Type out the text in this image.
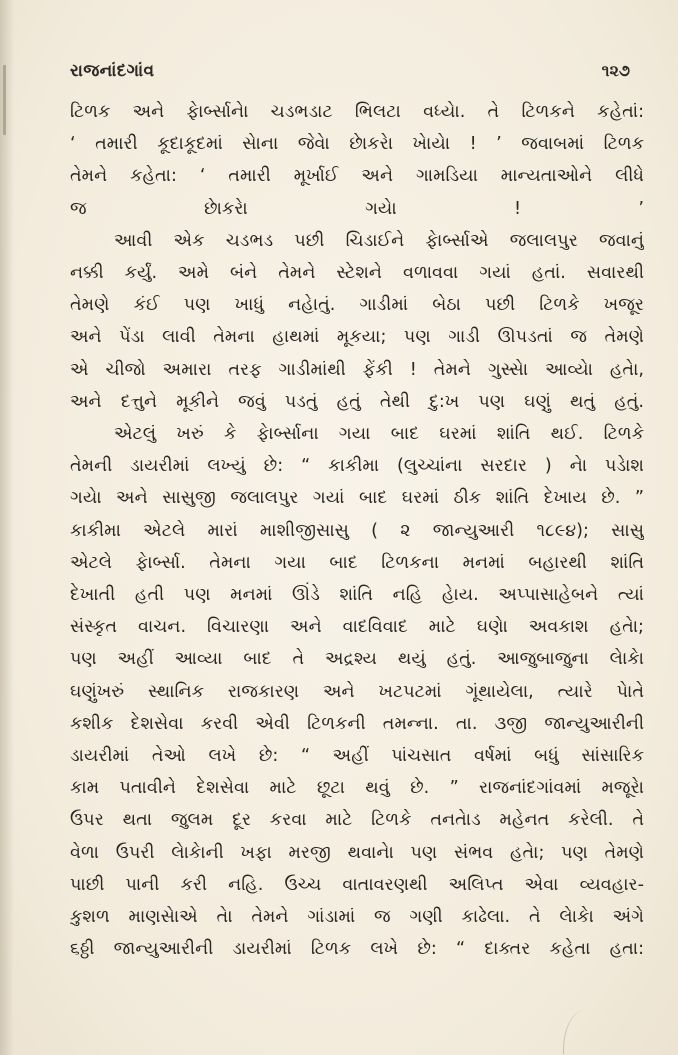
રાજનાંદગાંવ	૧૨૭

ટિળક અને ફેાર્બ્સાનેા ચડભડાટ ભિલટા વધ્યેા. તે ટિળકને કહેતાં:
‘ તમારી કૂદાકૂદમાં સાેના જેવાે છેાકરાે ખાેયાે ! ’ જવાબમાં ટિળક
તેમને કહેતા: ‘ તમારી મૂર્ખાઈ અને ગામડિયા માન્યતાઓને લીધે
જ છાેકરાે ગયાે ! ’

આવી એક ચડભડ પછી ચિડાઈને ફેાર્બ્સાએ જલાલપુર જવાનું
નક્કી કર્યું. અમે બંને તેમને સ્ટેશને વળાવવા ગયાં હતાં. સવારથી
તેમણે કંઈ પણ ખાધું નહેાતું. ગાડીમાં બેઠા પછી ટિળકે ખજૂર
અને પેંડા લાવી તેમના હાથમાં મૂકયા; પણ ગાડી ઊપડતાં જ તેમણે
એ ચીજો અમારા તરફ ગાડીમાંથી ફેંકી ! તેમને ગુસ્સાે આવ્યાે હતાે,
અને દત્તુને મૂકીને જવું પડતું હતું તેથી દુ:ખ પણ ઘણું થતું હતું.

એટલું ખરું કે ફેાર્બ્સાના ગયા બાદ ઘરમાં શાંતિ થઈ. ટિળકે
તેમની ડાયરીમાં લખ્યું છે: “ કાકીમા (લુચ્ચાંના સરદાર ) નાે પડાેશ
ગયાે અને સાસુજી જલાલપુર ગયાં બાદ ઘરમાં ઠીક શાંતિ દેખાય છે. ”
કાકીમા એટલે મારાં માશીજીસાસુ ( ૨ જાન્યુઆરી ૧૮૯૪); સાસુ
એટલે ફેાર્બ્સા. તેમના ગયા બાદ ટિળકના મનમાં બહારથી શાંતિ
દેખાતી હતી પણ મનમાં ઊંડે શાંતિ નહિ હેાય. અપ્પાસાહેબને ત્યાં
સંસ્કૃત વાચન. વિચારણા અને વાદવિવાદ માટે ઘણાે અવકાશ હતાે;
પણ અહીં આવ્યા બાદ તે અદ્રશ્ય થયું હતું. આજુબાજુના લાેકાે
ઘણુંખરું સ્થાનિક રાજકારણ અને ખટપટમાં ગૂંથાયેલા, ત્યારે પાેતે
કશીક દેશસેવા કરવી એવી ટિળકની તમન્ના. તા. ૩જી જાન્યુઆરીની
ડાયરીમાં તેઓ લખે છે: “ અહીં પાંચસાત વર્ષમાં બધું સાંસારિક
કામ પતાવીને દેશસેવા માટે છૂટા થવું છે. ” રાજનાંદગાંવમાં મજૂરાે
ઉપર થતા જુલમ દૂર કરવા માટે ટિળકે તનતાેડ મહેનત કરેલી. તે
વેળા ઉપરી લાેકાેની ખફા મરજી થવાનાે પણ સંભવ હતાે; પણ તેમણે
પાછી પાની કરી નહિ. ઉચ્ચ વાતાવરણથી અલિપ્ત એવા વ્યવહાર-
કુશળ માણસાેએ તાે તેમને ગાંડામાં જ ગણી કાઢેલા. તે લાેકાે અંગે
૬ઠ્ઠી જાન્યુઆરીની ડાયરીમાં ટિળક લખે છે: “ દાક્તર કહેતા હતા:
